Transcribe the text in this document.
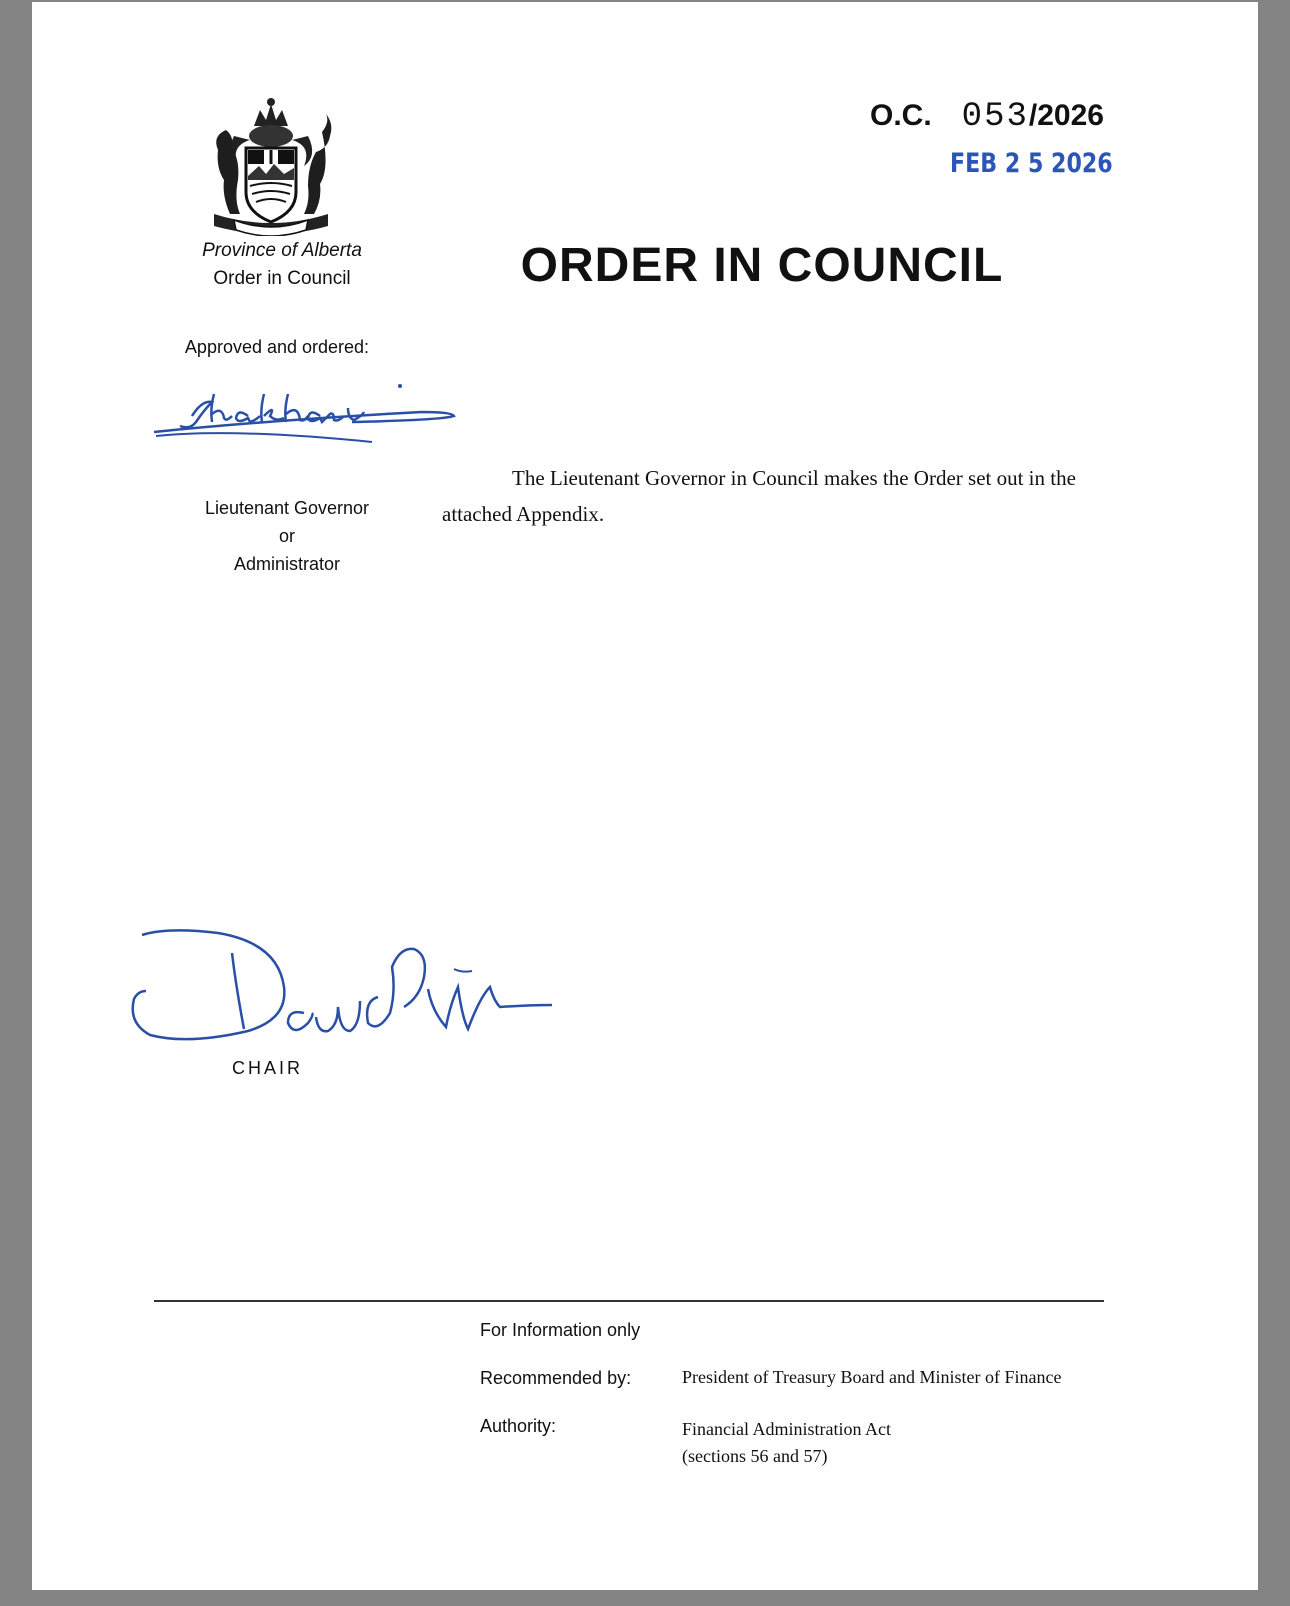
Province of Alberta
Order in Council
O.C. 053/2026
FEB 2 5 2026
ORDER IN COUNCIL
Approved and ordered:
Lieutenant Governor
or
Administrator
The Lieutenant Governor in Council makes the Order set out in the
attached Appendix.
CHAIR
For Information only
Recommended by:	President of Treasury Board and Minister of Finance
Authority:	Financial Administration Act
(sections 56 and 57)
